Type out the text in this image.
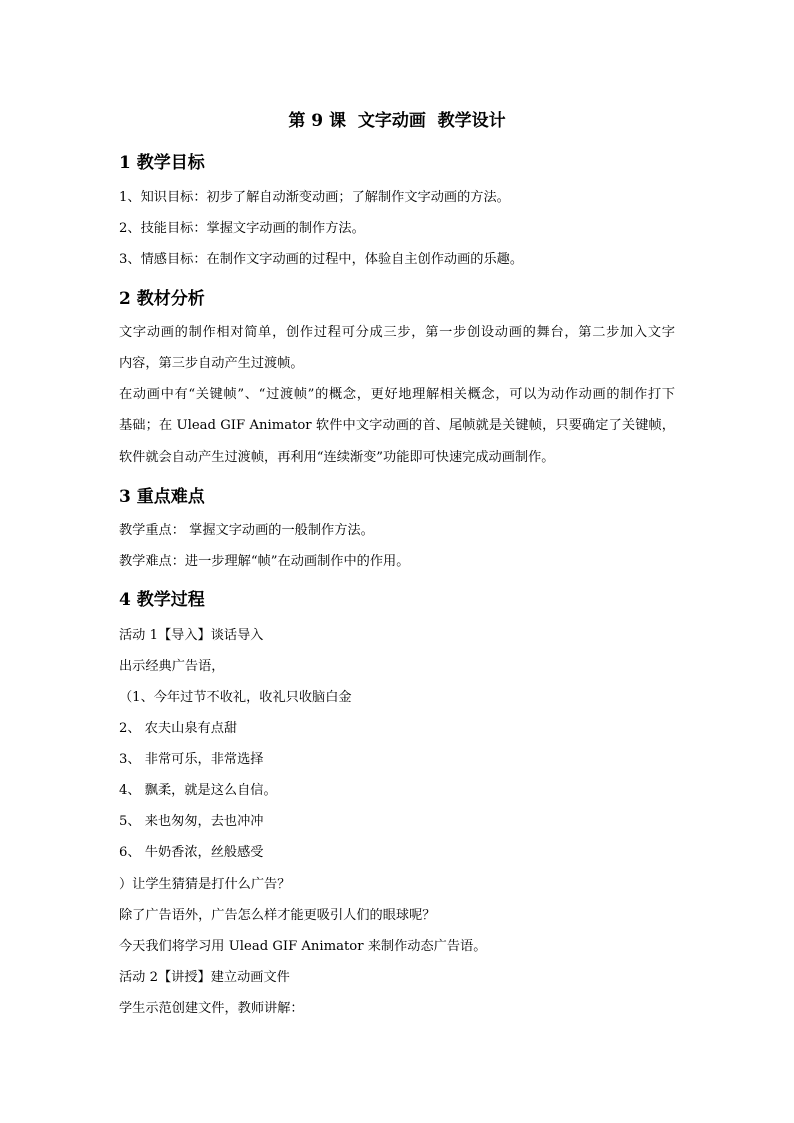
第 9 课  文字动画  教学设计
1 教学目标
1、知识目标：初步了解自动渐变动画；了解制作文字动画的方法。
2、技能目标：掌握文字动画的制作方法。
3、情感目标：在制作文字动画的过程中，体验自主创作动画的乐趣。
2 教材分析
文字动画的制作相对简单，创作过程可分成三步，第一步创设动画的舞台，第二步加入文字
内容，第三步自动产生过渡帧。
在动画中有“关键帧”、“过渡帧”的概念，更好地理解相关概念，可以为动作动画的制作打下
基础；在 Ulead GIF Animator 软件中文字动画的首、尾帧就是关键帧，只要确定了关键帧，
软件就会自动产生过渡帧，再利用“连续渐变”功能即可快速完成动画制作。
3 重点难点
教学重点： 掌握文字动画的一般制作方法。
教学难点：进一步理解“帧”在动画制作中的作用。
4 教学过程
活动 1【导入】谈话导入
出示经典广告语，
（1、今年过节不收礼，收礼只收脑白金
2、 农夫山泉有点甜
3、 非常可乐，非常选择
4、 飘柔，就是这么自信。
5、 来也匆匆，去也冲冲
6、 牛奶香浓，丝般感受
）让学生猜猜是打什么广告？
除了广告语外，广告怎么样才能更吸引人们的眼球呢？
今天我们将学习用 Ulead GIF Animator 来制作动态广告语。
活动 2【讲授】建立动画文件
学生示范创建文件，教师讲解：
